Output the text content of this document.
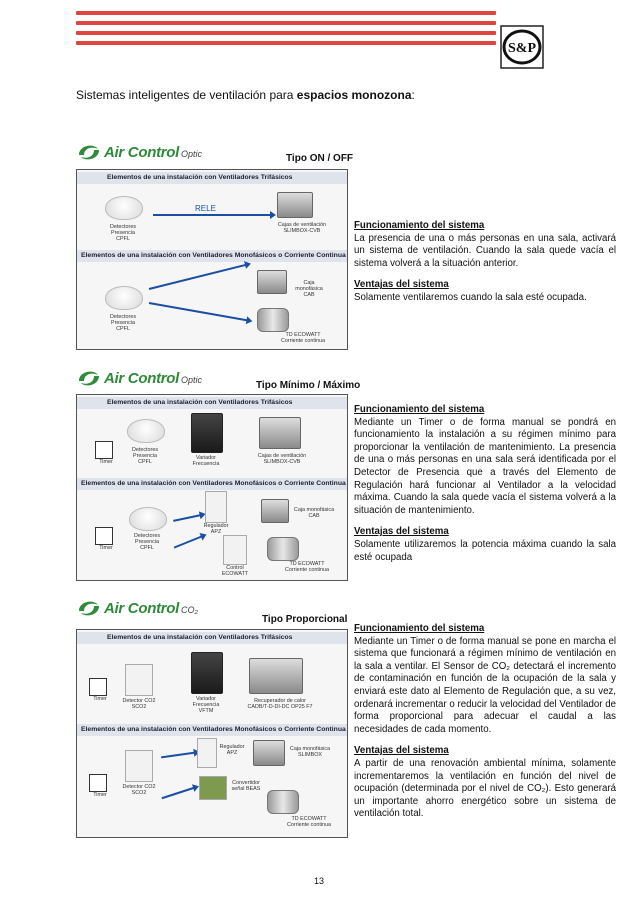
S&P
Sistemas inteligentes de ventilación para espacios monozona:
Air Control Optic	Tipo ON / OFF
Elementos de una instalación con Ventiladores Trifásicos
Detectores
Presencia
CPFL
RELE
Cajas de ventilación
SLIMBOX-CVB
Elementos de una instalación con Ventiladores Monofásicos o Corriente Continua
Detectores
Presencia
CPFL
Caja monofásica
CAB
TD ECOWATT
Corriente continua
Funcionamiento del sistema

La presencia de una o más personas en una sala, activará un sistema de ventilación. Cuando la sala quede vacía el sistema volverá a la situación anterior.

Ventajas del sistema

Solamente ventilaremos cuando la sala esté ocupada.

Air Control Optic	Tipo Mínimo / Máximo
Elementos de una instalación con Ventiladores Trifásicos
Timer
Detectores
Presencia
CPFL
Variador
Frecuencia
Cajas de ventilación
SLIMBOX-CVB
Elementos de una instalación con Ventiladores Monofásicos o Corriente Continua
Timer
Detectores
Presencia
CPFL
Regulador
APZ
Caja monofásica
CAB
Control
ECOWATT
TD ECOWATT
Corriente continua
Funcionamiento del sistema

Mediante un Timer o de forma manual se pondrá en funcionamiento la instalación a su régimen mínimo para proporcionar la ventilación de mantenimiento. La presencia de una o más personas en una sala será identificada por el Detector de Presencia que a través del Elemento de Regulación hará funcionar al Ventilador a la velocidad máxima. Cuando la sala quede vacía el sistema volverá a la situación de mantenimiento.

Ventajas del sistema

Solamente utilizaremos la potencia máxima cuando la sala esté ocupada

Air Control CO₂
Tipo Proporcional
Elementos de una instalación con Ventiladores Trifásicos
Timer	Detector CO2
SCO2
Variador
Frecuencia
VFTM
Recuperador de calor
CADB/T-D-DI-DC OP25 F7
Elementos de una instalación con Ventiladores Monofásicos o Corriente Continua
Timer
Detector CO2
SCO2
Regulador
APZ
Caja monofásica
SLIMBOX
Convertidor
señal BEAS
TD ECOWATT
Corriente continua
Funcionamiento del sistema

Mediante un Timer o de forma manual se pone en marcha el sistema que funcionará a régimen mínimo de ventilación en la sala a ventilar. El Sensor de CO₂ detectará el incremento de contaminación en función de la ocupación de la sala y enviará este dato al Elemento de Regulación que, a su vez, ordenará incrementar o reducir la velocidad del Ventilador de forma proporcional para adecuar el caudal a las necesidades de cada momento.

Ventajas del sistema

A partir de una renovación ambiental mínima, solamente incrementaremos la ventilación en función del nivel de ocupación (determinada por el nivel de CO₂). Esto generará un importante ahorro energético sobre un sistema de ventilación total.

13
